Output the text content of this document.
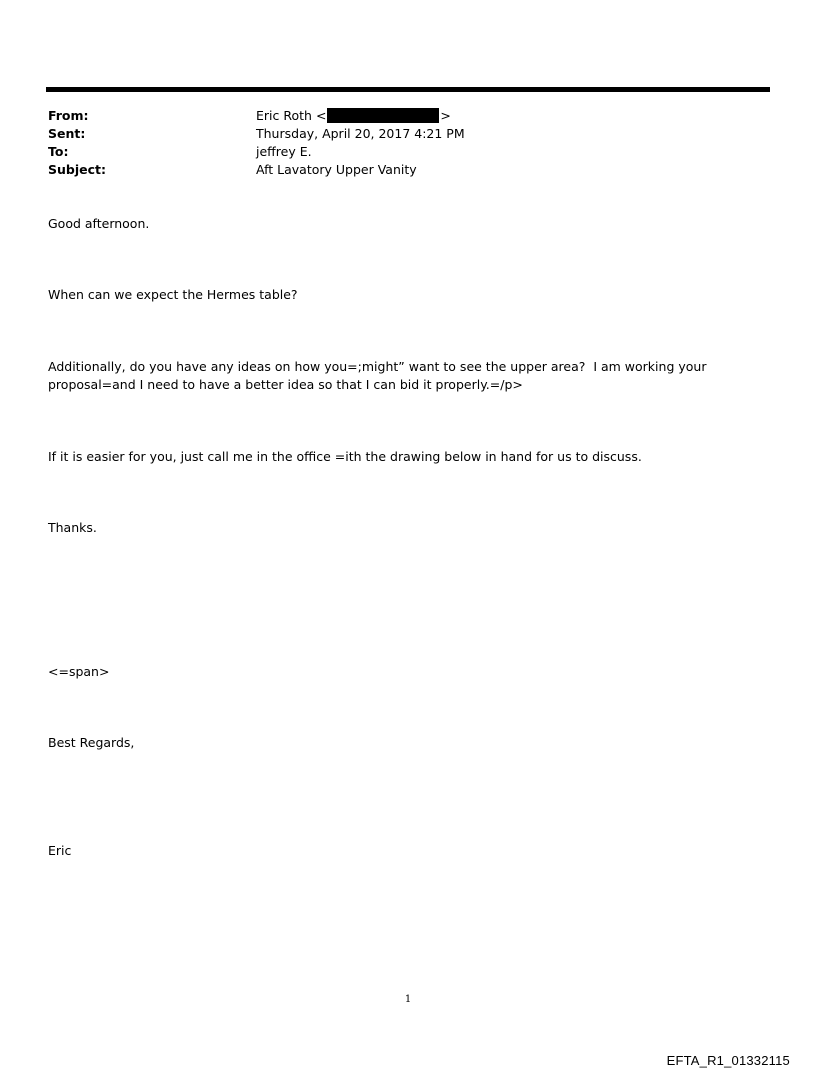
From:	Eric Roth <	>
Sent:	Thursday, April 20, 2017 4:21 PM
To:	jeffrey E.
Subject:	Aft Lavatory Upper Vanity
Good afternoon.
When can we expect the Hermes table?
Additionally, do you have any ideas on how you=;might” want to see the upper area?  I am working your proposal=and I need to have a better idea so that I can bid it properly.=/p>
If it is easier for you, just call me in the office =ith the drawing below in hand for us to discuss.
Thanks.
<=span>
Best Regards,
Eric
1
EFTA_R1_01332115
